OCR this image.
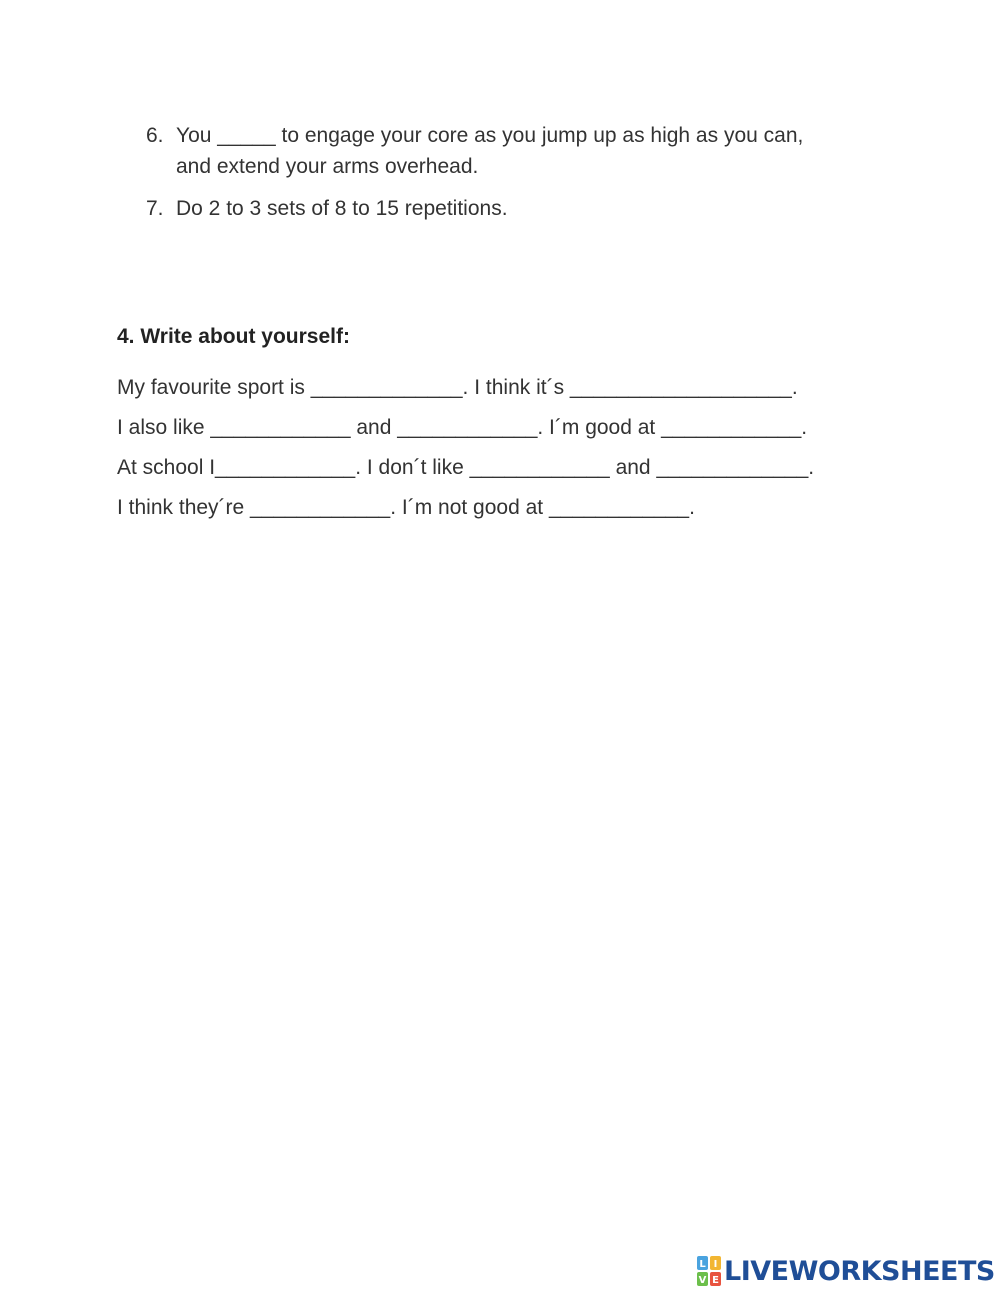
6. You _____ to engage your core as you jump up as high as you can,
and extend your arms overhead.
7. Do 2 to 3 sets of 8 to 15 repetitions.
4. Write about yourself:
My favourite sport is _____________. I think it´s ___________________.
I also like ____________ and ____________. I´m good at ____________.
At school I____________. I don´t like ____________ and _____________.
I think they´re ____________. I´m not good at ____________.
L I
V E LIVEWORKSHEETS
